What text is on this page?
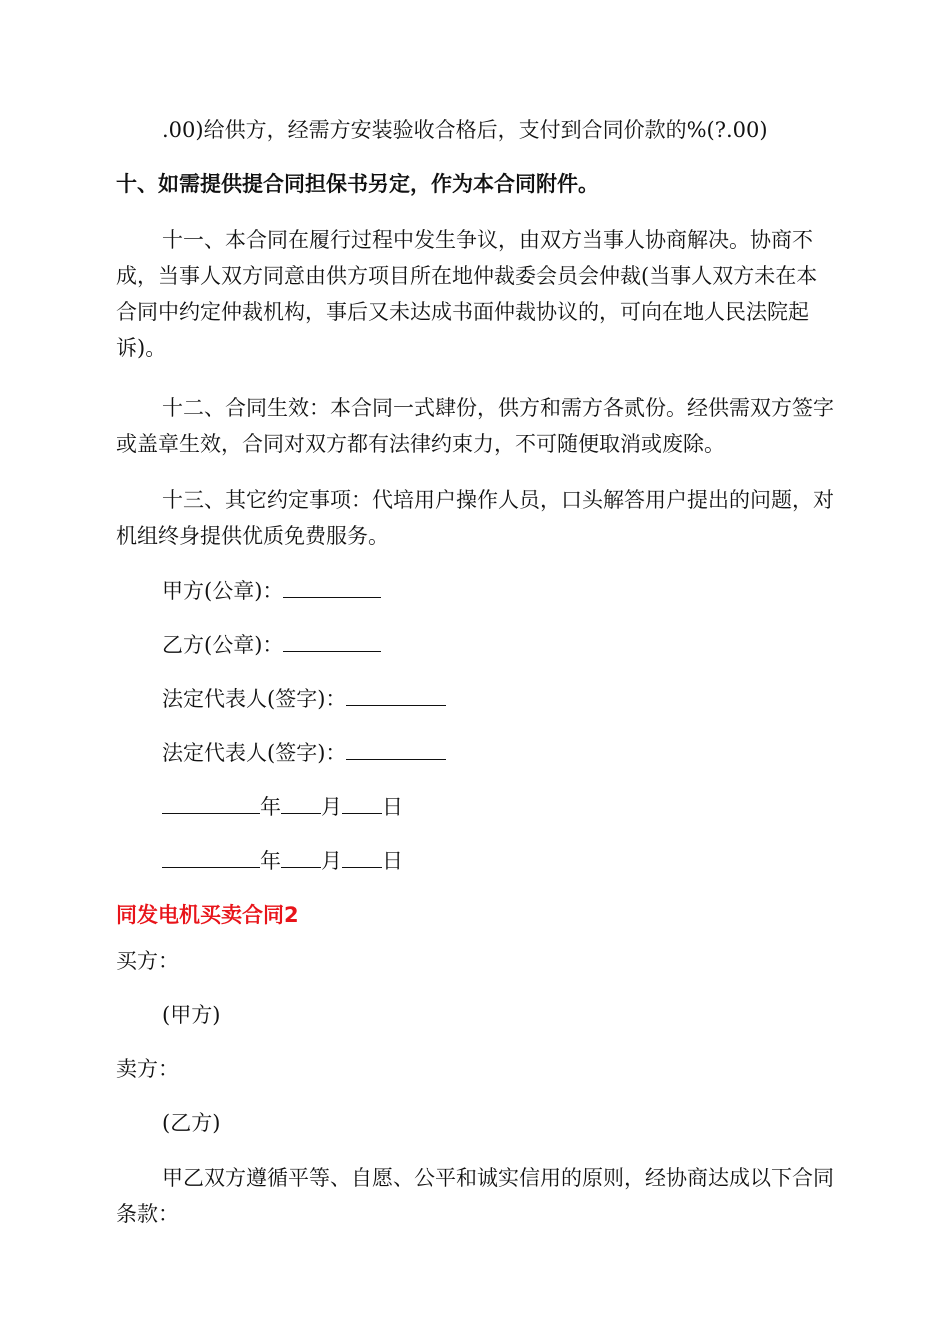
.00)给供方，经需方安装验收合格后，支付到合同价款的%(?.00)

十、如需提供提合同担保书另定，作为本合同附件。

十一、本合同在履行过程中发生争议，由双方当事人协商解决。协商不成，当事人双方同意由供方项目所在地仲裁委会员会仲裁(当事人双方未在本合同中约定仲裁机构，事后又未达成书面仲裁协议的，可向在地人民法院起诉)。

十二、合同生效：本合同一式肆份，供方和需方各贰份。经供需双方签字或盖章生效，合同对双方都有法律约束力，不可随便取消或废除。

十三、其它约定事项：代培用户操作人员，口头解答用户提出的问题，对机组终身提供优质免费服务。

甲方(公章)：
乙方(公章)：
法定代表人(签字)：
法定代表人(签字)：
年 月 日
年 月 日
同发电机买卖合同2
买方：
(甲方)
卖方：
(乙方)

甲乙双方遵循平等、自愿、公平和诚实信用的原则，经协商达成以下合同条款：
